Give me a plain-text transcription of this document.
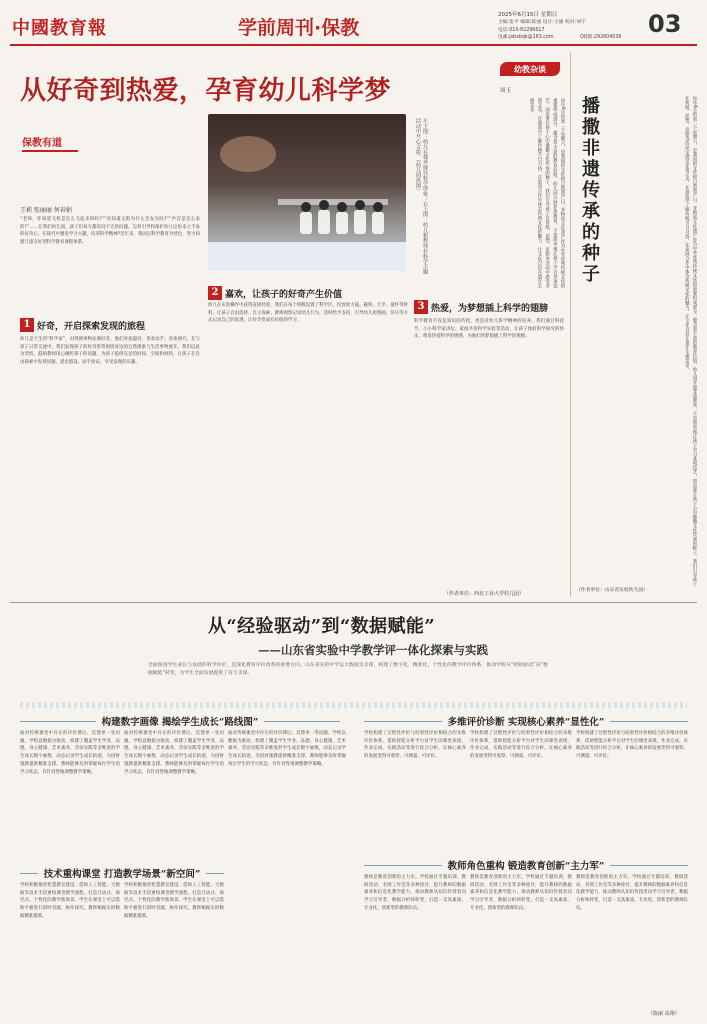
中國教育報	学前周刊·保教
2025年6月15日 星期日
主编:张平 编辑:陈丽 设计:王丽 校对:刘宇
电话:010-82296617
电邮:jsbxbqk@163.com	QQ群:292604036 03
从好奇到热爱，孕育幼儿科学梦
保教有道	左下图：幼儿在课外探究科学现象；右上图：幼儿和教师在科学主题活动中开心合影。（幼儿园供图）
王莉 张丽丽 何春娟
“老师，你知道飞机是怎么飞起来的吗?”“你知道太阳为什么会发光吗?”“声音是怎么来的?”……在我们幼儿园，孩子们每天都有问不完的问题。怎样引导和保护幼儿这份来之不易的好奇心，在探究中激发学习兴趣，培养科学精神?近年来，我园以科学教育为特色，努力构建儿童友好型科学教育课程体系。
1 好奇，开启探索发现的旅程
幼儿是天生的“科学家”，对周围事物充满好奇，他们喜欢提问、喜欢动手、喜欢探究。在与孩子日常交流中，我们发现孩子的好奇常常围绕身边的自然现象与生活事物展开。我们以此为契机，鼓励教师用心倾听孩子的问题，为孩子提供充足的时间、空间和材料，让孩子在自由探索中发现问题、提出假设、动手验证，享受发现的乐趣。
2 嘉欢，让孩子的好奇产生价值
幼儿在实验操作中获得直接经验，我们在每个班级设置了科学区，投放放大镜、磁铁、天平、量杯等材料，让孩子自由选择、自主探索。教师观察记录幼儿行为，适时给予支持，引导幼儿用图画、符号等方式记录自己的发现，让好奇变成有价值的学习。
3 热爱，为梦想插上科学的翅膀
科学教育不仅是知识的传授，更是对幼儿科学精神的培养。我们通过科技节、小小科学家讲坛、家园共育科学实验等活动，让孩子体验科学探究的快乐，萌发热爱科学的情感，为他们的梦想插上科学的翅膀。
（作者单位：西北工业大学幼儿园）
幼教杂谈
周玉
播撒非遗传承的种子
每年6月的第二个星期六，是我国的文化和自然遗产日。非物质文化遗产作为中华优秀传统文化的重要组成部分，蕴含着丰富的教育价值。幼儿园开展非遗教育，不是简单地让孩子学习某项技艺，而是要在孩子心中播撒文化传承的种子。我们引导孩子在剪纸、泥塑、皮影等活动中感受非遗之美，在游戏中了解传统节日习俗，在家园合作中体会传统文化的魅力，让文化自信在童年生根发芽。	每年6月的第二个星期六，是我国的文化和自然遗产日。非物质文化遗产作为中华优秀传统文化的重要组成部分，蕴含着丰富的教育价值。幼儿园开展非遗教育，不是简单地让孩子学习某项技艺，而是要在孩子心中播撒文化传承的种子。我们引导孩子在剪纸、泥塑、皮影等活动中感受非遗之美，在游戏中了解传统节日习俗，在家园合作中体会传统文化的魅力，让文化自信在童年生根发芽。
（作者单位：山东省实验幼儿园）
从“经验驱动”到“数据赋能”
——山东省实验中学教学评一体化探索与实践
全面推进学生成长与发展的科学评价，是深化教育评价改革的重要方向。山东省实验中学以大数据为支撑，构建了数字化、精准化、个性化的教学评价体系，推动学校从“经验驱动”向“数据赋能”转变，为学生全面发展提供了有力支撑。
构建数字画像 揭绘学生成长“路线图”	多维评价诊断 实现核心素养“显性化”
面对传统课堂中存在的评价滞后、反馈单一等问题，学校以数据为驱动，构建了覆盖学生学业、品德、身心健康、艺术素养、劳动实践等多维度的学生成长数字画像，动态记录学生成长轨迹，为因材施教提供精准支撑。教师能够及时掌握每位学生的学习状态，有针对性地调整教学策略。
面对传统课堂中存在的评价滞后、反馈单一等问题，学校以数据为驱动，构建了覆盖学生学业、品德、身心健康、艺术素养、劳动实践等多维度的学生成长数字画像，动态记录学生成长轨迹，为因材施教提供精准支撑。教师能够及时掌握每位学生的学习状态，有针对性地调整教学策略。
面对传统课堂中存在的评价滞后、反馈单一等问题，学校以数据为驱动，构建了覆盖学生学业、品德、身心健康、艺术素养、劳动实践等多维度的学生成长数字画像，动态记录学生成长轨迹，为因材施教提供精准支撑。教师能够及时掌握每位学生的学习状态，有针对性地调整教学策略。
学校构建了过程性评价与结果性评价相结合的多维评价体系，借助智能分析平台对学生的课堂表现、作业完成、实践活动等进行综合分析，让核心素养的发展变得可观察、可测量、可评价。
学校构建了过程性评价与结果性评价相结合的多维评价体系，借助智能分析平台对学生的课堂表现、作业完成、实践活动等进行综合分析，让核心素养的发展变得可观察、可测量、可评价。
学校构建了过程性评价与结果性评价相结合的多维评价体系，借助智能分析平台对学生的课堂表现、作业完成、实践活动等进行综合分析，让核心素养的发展变得可观察、可测量、可评价。
技术重构课堂 打造教学场景“新空间”
学校积极推进智慧教室建设，借助人工智能、大数据等技术手段重构课堂教学流程，打造互动式、探究式、个性化的教学新场景。学生在课堂上可以借助平板进行即时答题、协作探究，教师根据实时数据精准施策。
学校积极推进智慧教室建设，借助人工智能、大数据等技术手段重构课堂教学流程，打造互动式、探究式、个性化的教学新场景。学生在课堂上可以借助平板进行即时答题、协作探究，教师根据实时数据精准施策。
教师角色重构 锻造教育创新“主力军”
教师是教育创新的主力军。学校通过专题培训、教研活动、名师工作室等多种途径，提升教师的数据素养和信息化教学能力，推动教师从知识传授者向学习引导者、数据分析师转变，打造一支高素质、专业化、创新型的教师队伍。
教师是教育创新的主力军。学校通过专题培训、教研活动、名师工作室等多种途径，提升教师的数据素养和信息化教学能力，推动教师从知识传授者向学习引导者、数据分析师转变，打造一支高素质、专业化、创新型的教师队伍。
教师是教育创新的主力军。学校通过专题培训、教研活动、名师工作室等多种途径，提升教师的数据素养和信息化教学能力，推动教师从知识传授者向学习引导者、数据分析师转变，打造一支高素质、专业化、创新型的教师队伍。
（陈丽 高翔）
